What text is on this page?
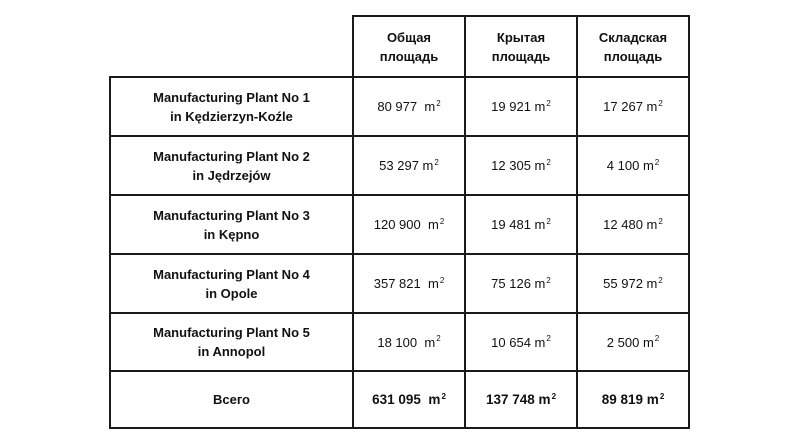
Общая
площадь
Крытая
площадь
Складская
площадь
Manufacturing Plant No 1
in Kędzierzyn-Koźle
80 977 $m^2$	19 921 $m^2$	17 267 $m^2$
Manufacturing Plant No 2
in Jędrzejów
53 297 $m^2$	12 305 $m^2$	4 100 $m^2$
Manufacturing Plant No 3
in Kępno
120 900 $m^2$	19 481 $m^2$	12 480 $m^2$
Manufacturing Plant No 4
in Opole
357 821 $m^2$	75 126 $m^2$	55 972 $m^2$
Manufacturing Plant No 5
in Annopol
18 100 $m^2$	10 654 $m^2$	2 500 $m^2$
Всего	631 095 $m^2$	137 748 $m^2$	89 819 $m^2$
